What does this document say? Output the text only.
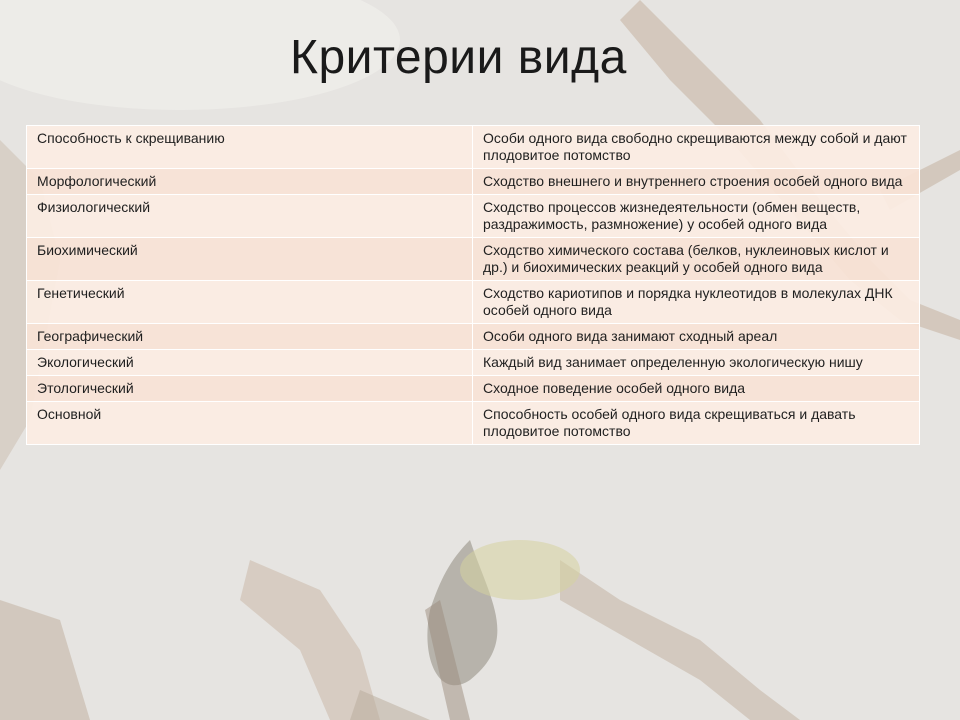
Критерии вида
Способность к скрещиванию	Особи одного вида свободно скрещиваются между собой и дают плодовитое потомство
Морфологический	Сходство внешнего и внутреннего строения особей одного вида
Физиологический	Сходство процессов жизнедеятельности (обмен веществ, раздражимость, размножение) у особей одного вида
Биохимический	Сходство химического состава (белков, нуклеиновых кислот и др.) и биохимических реакций у особей одного вида
Генетический	Сходство кариотипов и порядка нуклеотидов в молекулах ДНК особей одного вида
Географический	Особи одного вида занимают сходный ареал
Экологический	Каждый вид занимает определенную экологическую нишу
Этологический	Сходное поведение особей одного вида
Основной	Способность особей одного вида скрещиваться и давать плодовитое потомство
